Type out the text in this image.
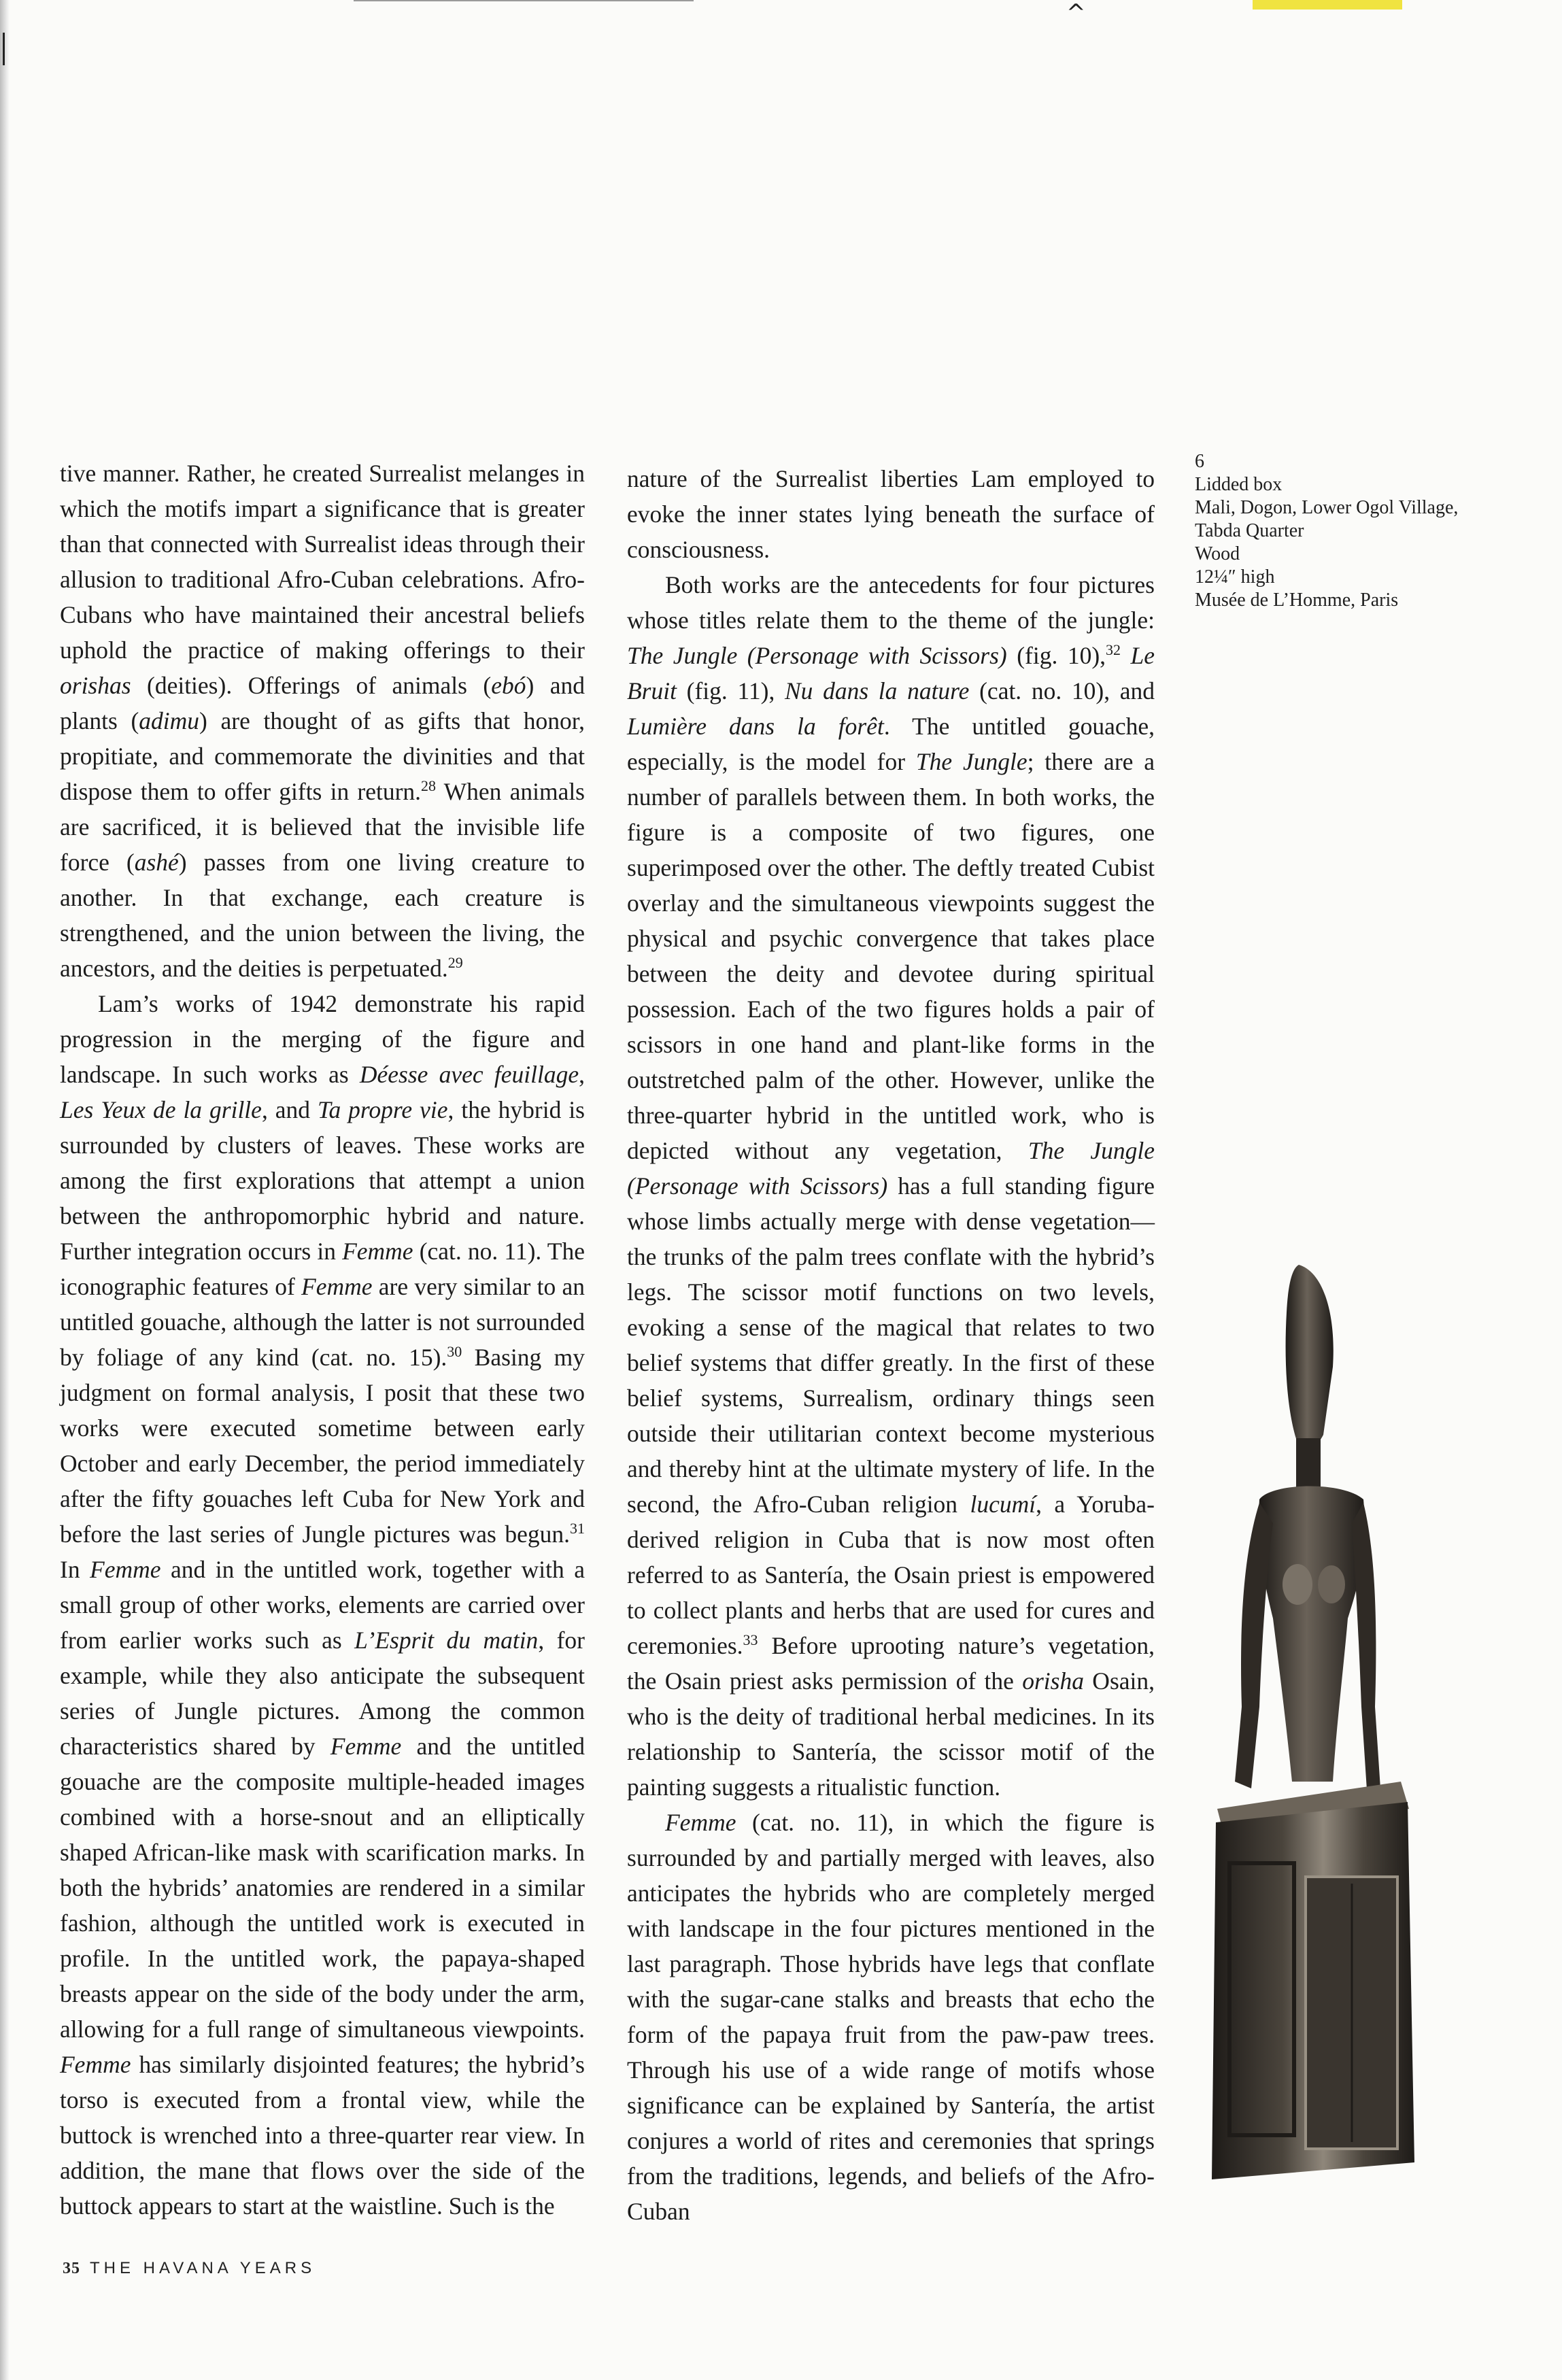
^

tive manner. Rather, he created Surrealist melanges in which the motifs impart a significance that is greater than that connected with Surrealist ideas through their allusion to traditional Afro-Cuban celebrations. Afro-Cubans who have maintained their ancestral beliefs uphold the practice of making offerings to their orishas (deities). Offerings of animals (ebó) and plants (adimu) are thought of as gifts that honor, propitiate, and commemorate the divinities and that dispose them to offer gifts in return.$^{28}$ When animals are sacrificed, it is believed that the invisible life force (ashé) passes from one living creature to another. In that exchange, each creature is strengthened, and the union between the living, the ancestors, and the deities is perpetuated.$^{29}$

Lam’s works of 1942 demonstrate his rapid progression in the merging of the figure and landscape. In such works as Déesse avec feuillage, Les Yeux de la grille, and Ta propre vie, the hybrid is surrounded by clusters of leaves. These works are among the first explorations that attempt a union between the anthropomorphic hybrid and nature. Further integration occurs in Femme (cat. no. 11). The iconographic features of Femme are very similar to an untitled gouache, although the latter is not surrounded by foliage of any kind (cat. no. 15).$^{30}$ Basing my judgment on formal analysis, I posit that these two works were executed sometime between early October and early December, the period immediately after the fifty gouaches left Cuba for New York and before the last series of Jungle pictures was begun.$^{31}$ In Femme and in the untitled work, together with a small group of other works, elements are carried over from earlier works such as L’Esprit du matin, for example, while they also anticipate the subsequent series of Jungle pictures. Among the common characteristics shared by Femme and the untitled gouache are the composite multiple-headed images combined with a horse-snout and an elliptically shaped African-like mask with scarification marks. In both the hybrids’ anatomies are rendered in a similar fashion, although the untitled work is executed in profile. In the untitled work, the papaya-shaped breasts appear on the side of the body under the arm, allowing for a full range of simultaneous viewpoints. Femme has similarly disjointed features; the hybrid’s torso is executed from a frontal view, while the buttock is wrenched into a three-quarter rear view. In addition, the mane that flows over the side of the buttock appears to start at the waistline. Such is the

nature of the Surrealist liberties Lam employed to evoke the inner states lying beneath the surface of consciousness.

Both works are the antecedents for four pictures whose titles relate them to the theme of the jungle: The Jungle (Personage with Scissors) (fig. 10),$^{32}$ Le Bruit (fig. 11), Nu dans la nature (cat. no. 10), and Lumière dans la forêt. The untitled gouache, especially, is the model for The Jungle; there are a number of parallels between them. In both works, the figure is a composite of two figures, one superimposed over the other. The deftly treated Cubist overlay and the simultaneous viewpoints suggest the physical and psychic convergence that takes place between the deity and devotee during spiritual possession. Each of the two figures holds a pair of scissors in one hand and plant-like forms in the outstretched palm of the other. However, unlike the three-quarter hybrid in the untitled work, who is depicted without any vegetation, The Jungle (Personage with Scissors) has a full standing figure whose limbs actually merge with dense vegetation—the trunks of the palm trees conflate with the hybrid’s legs. The scissor motif functions on two levels, evoking a sense of the magical that relates to two belief systems that differ greatly. In the first of these belief systems, Surrealism, ordinary things seen outside their utilitarian context become mysterious and thereby hint at the ultimate mystery of life. In the second, the Afro-Cuban religion lucumí, a Yoruba-derived religion in Cuba that is now most often referred to as Santería, the Osain priest is empowered to collect plants and herbs that are used for cures and ceremonies.$^{33}$ Before uprooting nature’s vegetation, the Osain priest asks permission of the orisha Osain, who is the deity of traditional herbal medicines. In its relationship to Santería, the scissor motif of the painting suggests a ritualistic function.

Femme (cat. no. 11), in which the figure is surrounded by and partially merged with leaves, also anticipates the hybrids who are completely merged with landscape in the four pictures mentioned in the last paragraph. Those hybrids have legs that conflate with the sugar-cane stalks and breasts that echo the form of the papaya fruit from the paw-paw trees. Through his use of a wide range of motifs whose significance can be explained by Santería, the artist conjures a world of rites and ceremonies that springs from the traditions, legends, and beliefs of the Afro-Cuban

6
Lidded box
Mali, Dogon, Lower Ogol Village,
Tabda Quarter
Wood
12¼″ high
Musée de L’Homme, Paris
35 THE HAVANA YEARS
